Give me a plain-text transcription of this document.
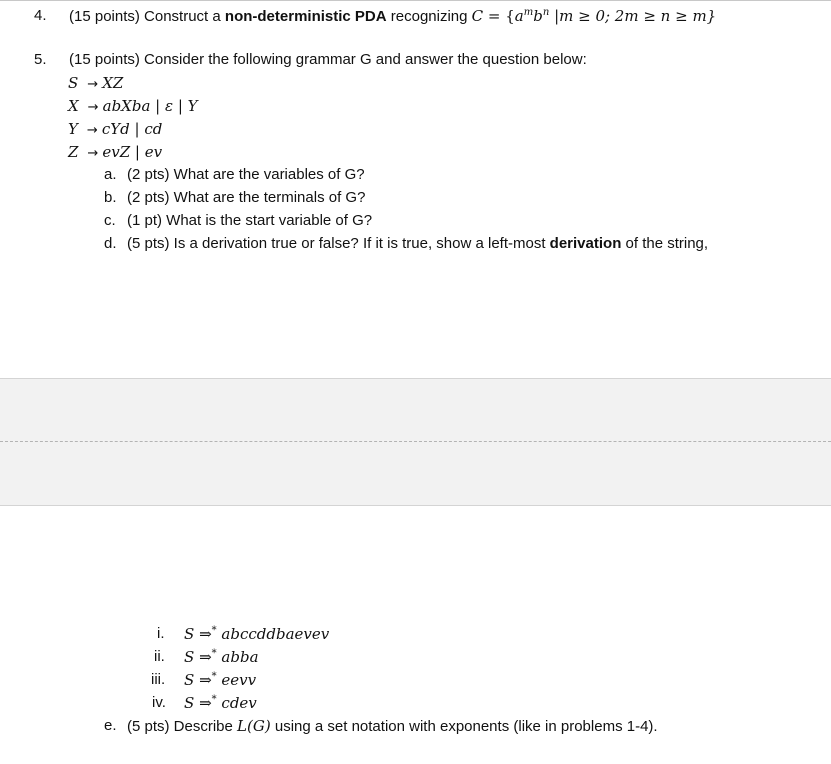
4. (15 points) Construct a non-deterministic PDA recognizing $C = \{a^mb^n$ |m ≥ 0; 2m ≥ n ≥ m}
5. (15 points) Consider the following grammar G and answer the question below:
S  → XZ
X  → abXba | ε | Y
Y  → cYd | cd
Z  → evZ | ev
a. (2 pts) What are the variables of G?
b. (2 pts) What are the terminals of G?
c. (1 pt) What is the start variable of G?
d. (5 pts) Is a derivation true or false? If it is true, show a left-most derivation of the string,
i. S ⇒* abccddbaevev
ii. S ⇒* abba
iii. S ⇒* eevv
iv. S ⇒* cdev
e. (5 pts) Describe L(G) using a set notation with exponents (like in problems 1-4).
